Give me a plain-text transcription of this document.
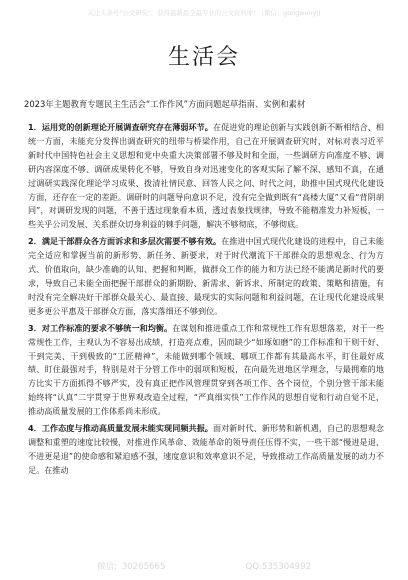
关注头条号"公文研究"，获得最新最全最专业的公文资料库！ (微信：gongwenyj)
生活会

2023年主题教育专题民主生活会“工作作风”方面问题起草指南、实例和素材

1．运用党的创新理论开展调查研究存在薄弱环节。在促进党的理论创新与实践创新不断相结合、相统一方面，未能充分发挥出调查研究的纽带与桥梁作用，自己在开展调查研究时，对标对表习近平新时代中国特色社会主义思想和党中央重大决策部署不够及时和全面，一些调研方向准度不够、调研内容深度不够、调研成果转化不够，导致自身对迅速变化的客观实际了解不深、感知不真，在通过调研实践深化理论学习成果、拨清社情民意、回答人民之问、时代之问，助推中国式现代化建设方面，还存在一定的差距。调研时的问题导向意识不足，没有完全做到既有“高楼大厦”又看“背阴胡同”，对调研发现的问题，不善于透过现象看本质，透过表象找规律，导致不能精准发力补短板，一些关乎公司发展、关系群众切身利益的棘手问题，解决不够彻底，不够彻底。

2．满足干部群众各方面诉求和多层次需要不够有效。在推进中国式现代化建设的进程中，自己未能完全适应和掌握当前的新形势、新任务、新要求，对于时代潮流下干部群众的思想观念、行为方式、价值取向，缺少准确的认知、把握和判断，做群众工作的能力和方法已经不能满足新时代的要求，导致自己未能全面把握干部群众的新期盼、新需求、新诉求、所制定的政策、策略和措施，有时没有完全解决好干部群众最关心、最直接、最现实的实际问题和利益问题，在让现代化建设成果更多更公平惠及干部群众方面，落实落细还不够到位。

3．对工作标准的要求不够统一和均衡。在谋划和推进重点工作和常规性工作有思想落差，对于一些常规性工作，主观认为不容易出成绩，打造亮点难，因而缺少“如琢如磨”的工作标准和干则干好、干到完美、干到极致的“工匠精神”，未能做到哪个领域、哪项工作都有其最高水平，盯住最好成绩、盯住最强对手，特别是对于分管工作中的弱项和短板，在向最先进地区学理念，与最拥难的地方比实干方面抓得不够严实，没有真正把作风管理贯穿到各项工作、各个岗位，个别分管干部未能始终将“认真”二字贯穿于世界观改造全过程，“严真细实快”工作作风的思想自觉和行动自觉不足，推动高质量发展的工作体系尚未形成。

4．工作态度与推动高质量发展未能实现同频共振。面对新时代、新形势和新机遇，自己的思想观念调整和重塑的速度比较慢，对推进作风革命、效能革命的领导责任压得不实，一些干部“慢进是退、不进更是退”的使命感和紧迫感不强，速度意识和效率意识不足，导致推动工作高质量发展的动力不足。在推动

微信: 30265665	QQ:535304992
